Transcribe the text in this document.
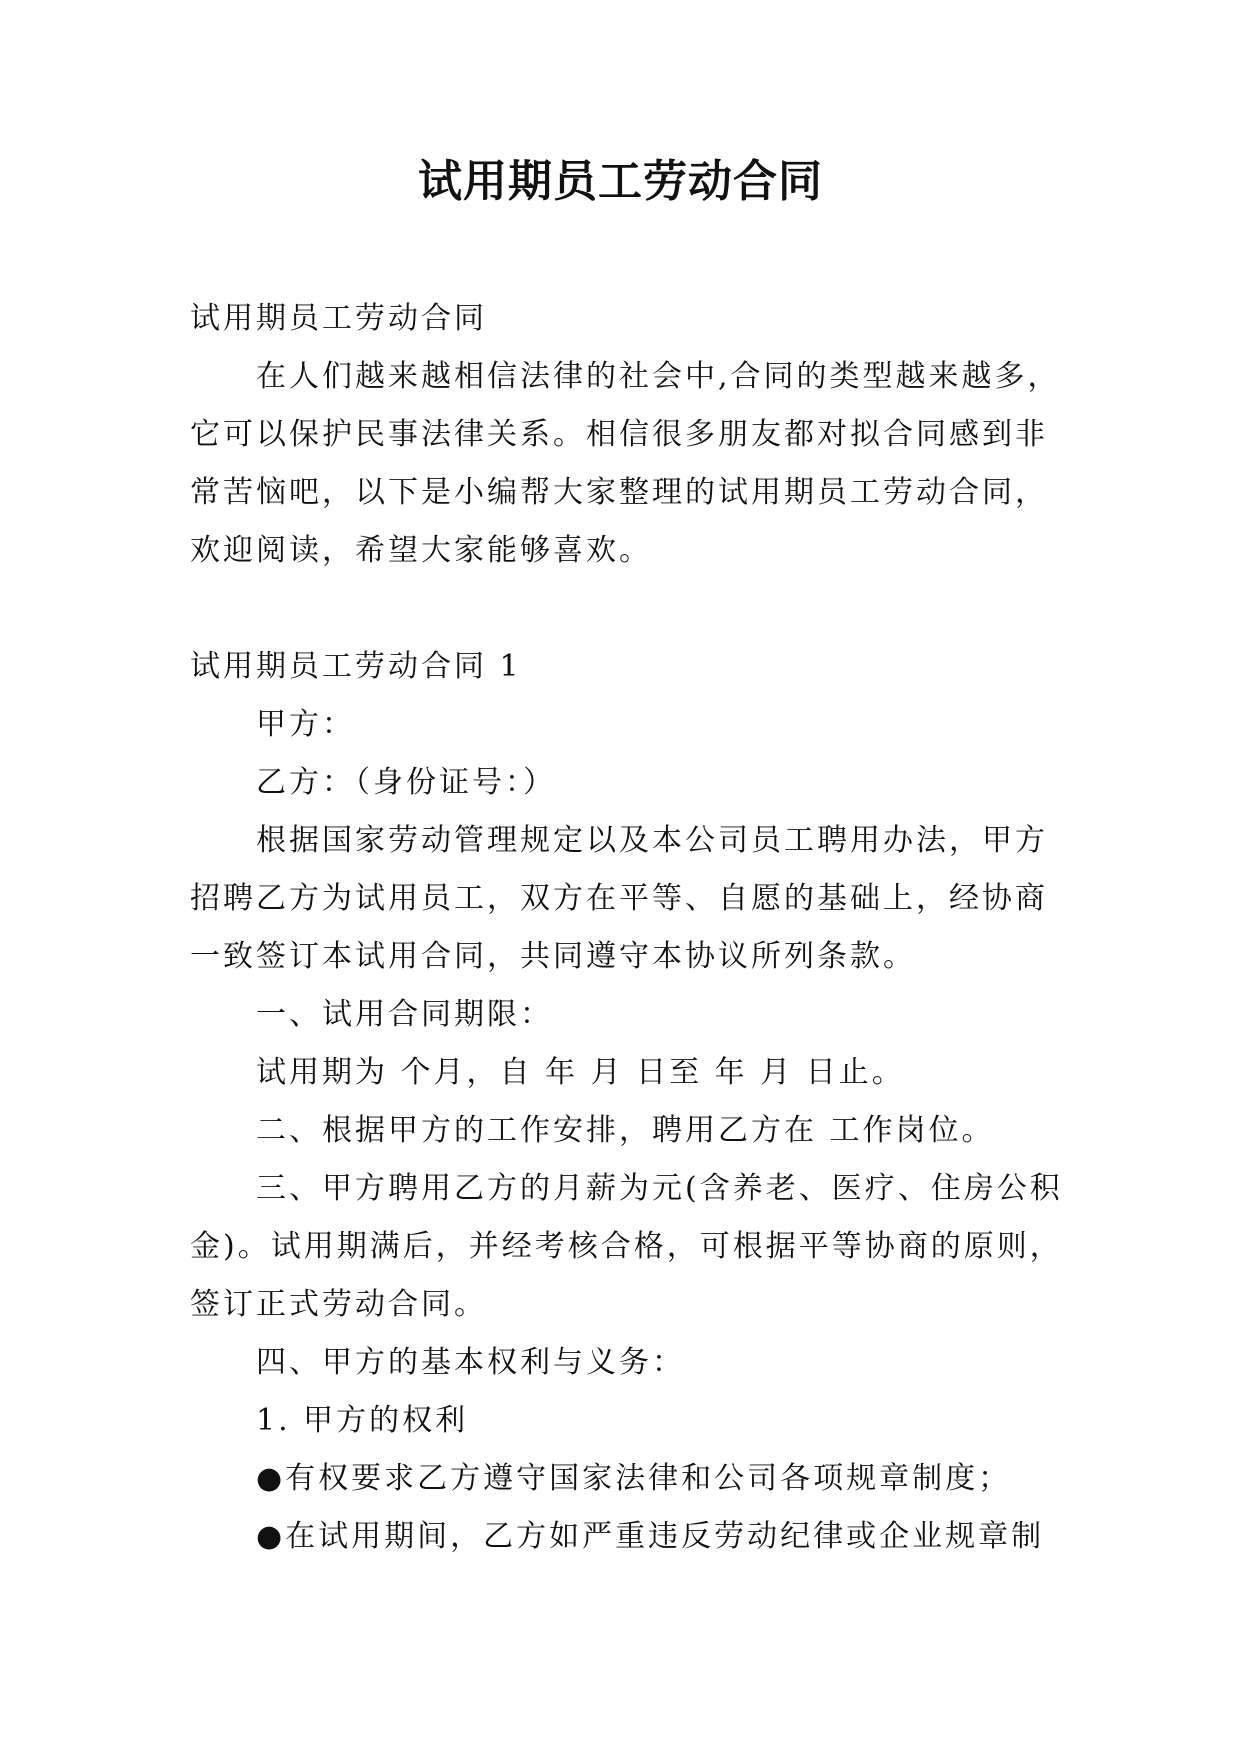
试用期员工劳动合同

试用期员工劳动合同

在人们越来越相信法律的社会中,合同的类型越来越多，它可以保护民事法律关系。相信很多朋友都对拟合同感到非常苦恼吧，以下是小编帮大家整理的试用期员工劳动合同，欢迎阅读，希望大家能够喜欢。

试用期员工劳动合同 1

甲方：

乙方：（身份证号：）

根据国家劳动管理规定以及本公司员工聘用办法，甲方招聘乙方为试用员工，双方在平等、自愿的基础上，经协商一致签订本试用合同，共同遵守本协议所列条款。

一、试用合同期限：

试用期为 个月，自 年 月 日至 年 月 日止。

二、根据甲方的工作安排，聘用乙方在 工作岗位。

三、甲方聘用乙方的月薪为元(含养老、医疗、住房公积金)。试用期满后，并经考核合格，可根据平等协商的原则，签订正式劳动合同。

四、甲方的基本权利与义务：

1. 甲方的权利

●有权要求乙方遵守国家法律和公司各项规章制度；

●在试用期间，乙方如严重违反劳动纪律或企业规章制
